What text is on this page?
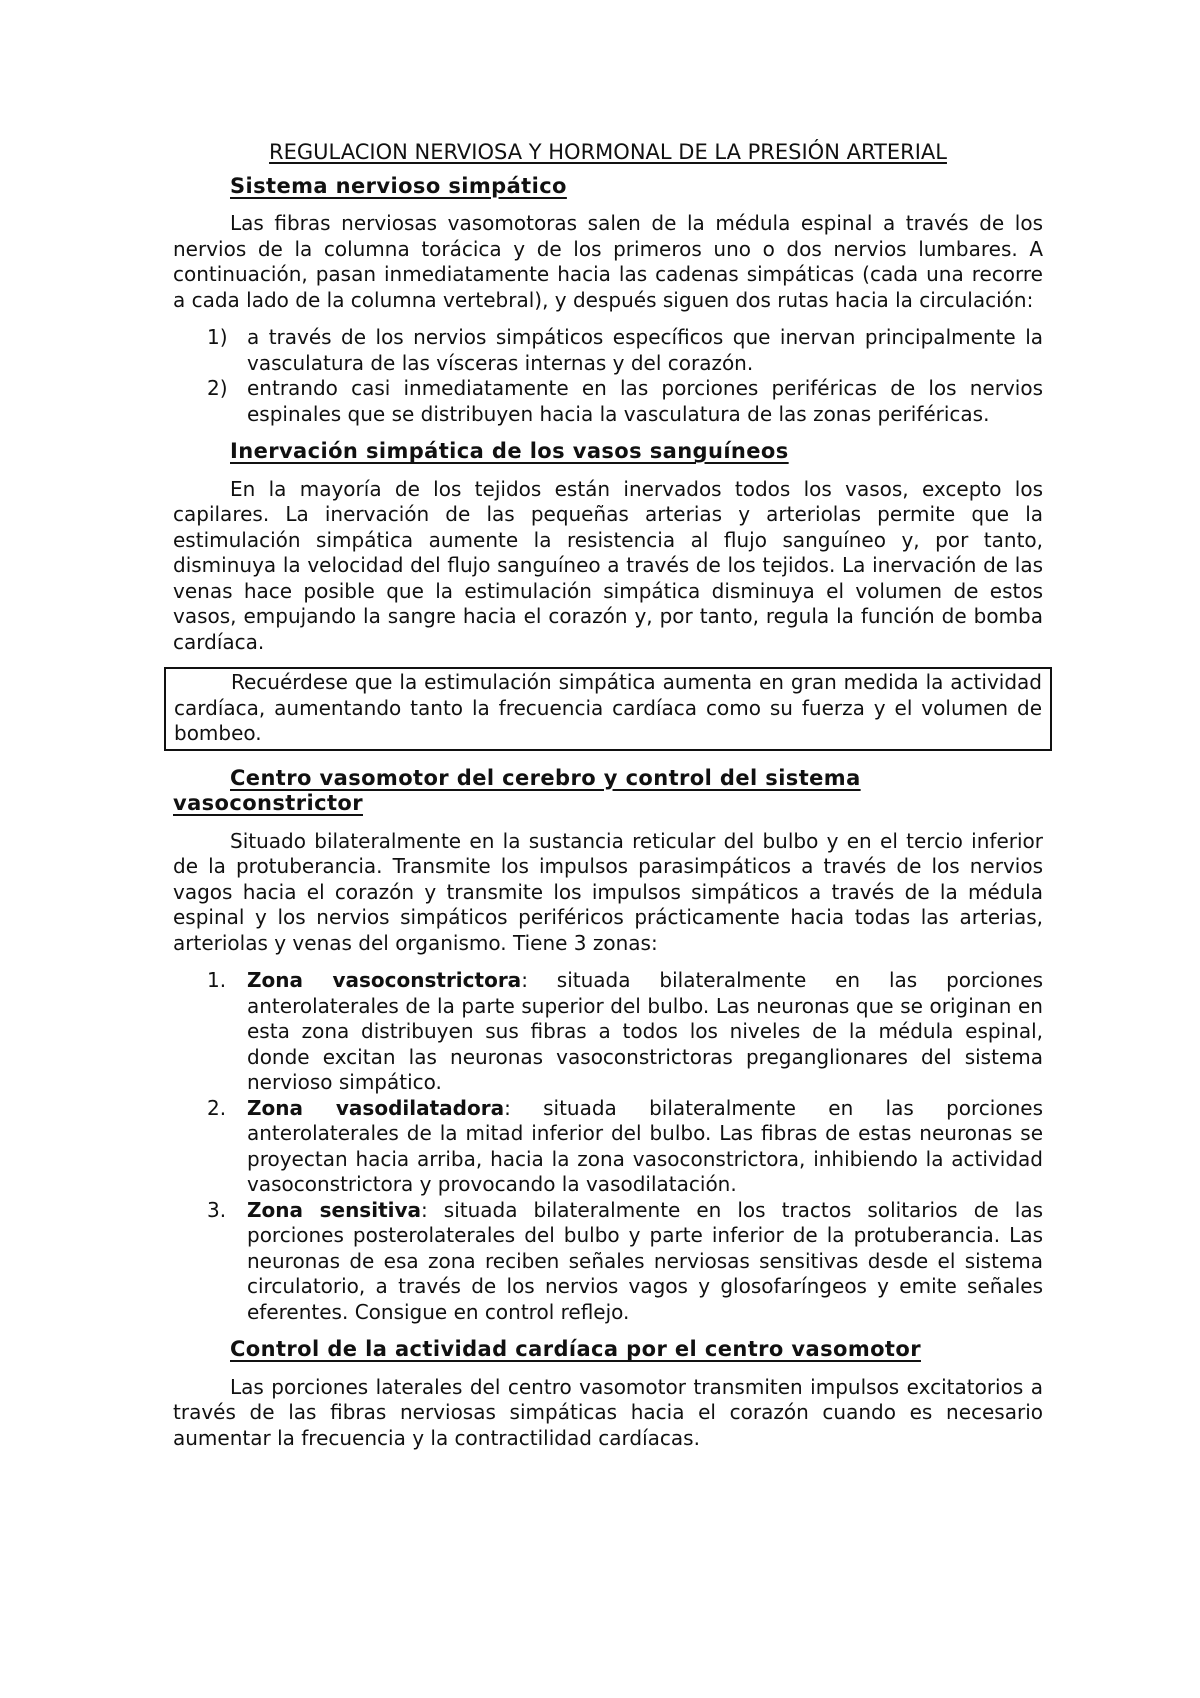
REGULACION NERVIOSA Y HORMONAL DE LA PRESIÓN ARTERIAL
Sistema nervioso simpático

Las fibras nerviosas vasomotoras salen de la médula espinal a través de los nervios de la columna torácica y de los primeros uno o dos nervios lumbares. A continuación, pasan inmediatamente hacia las cadenas simpáticas (cada una recorre a cada lado de la columna vertebral), y después siguen dos rutas hacia la circulación:

1) a través de los nervios simpáticos específicos que inervan principalmente la vasculatura de las vísceras internas y del corazón.
2) entrando casi inmediatamente en las porciones periféricas de los nervios espinales que se distribuyen hacia la vasculatura de las zonas periféricas.
Inervación simpática de los vasos sanguíneos

En la mayoría de los tejidos están inervados todos los vasos, excepto los capilares. La inervación de las pequeñas arterias y arteriolas permite que la estimulación simpática aumente la resistencia al flujo sanguíneo y, por tanto, disminuya la velocidad del flujo sanguíneo a través de los tejidos. La inervación de las venas hace posible que la estimulación simpática disminuya el volumen de estos vasos, empujando la sangre hacia el corazón y, por tanto, regula la función de bomba cardíaca.

Recuérdese que la estimulación simpática aumenta en gran medida la actividad cardíaca, aumentando tanto la frecuencia cardíaca como su fuerza y el volumen de bombeo.

Centro vasomotor del cerebro y control del sistema vasoconstrictor

Situado bilateralmente en la sustancia reticular del bulbo y en el tercio inferior de la protuberancia. Transmite los impulsos parasimpáticos a través de los nervios vagos hacia el corazón y transmite los impulsos simpáticos a través de la médula espinal y los nervios simpáticos periféricos prácticamente hacia todas las arterias, arteriolas y venas del organismo. Tiene 3 zonas:

1. Zona vasoconstrictora: situada bilateralmente en las porciones anterolaterales de la parte superior del bulbo. Las neuronas que se originan en esta zona distribuyen sus fibras a todos los niveles de la médula espinal, donde excitan las neuronas vasoconstrictoras preganglionares del sistema nervioso simpático.
2. Zona vasodilatadora: situada bilateralmente en las porciones anterolaterales de la mitad inferior del bulbo. Las fibras de estas neuronas se proyectan hacia arriba, hacia la zona vasoconstrictora, inhibiendo la actividad vasoconstrictora y provocando la vasodilatación.
3. Zona sensitiva: situada bilateralmente en los tractos solitarios de las porciones posterolaterales del bulbo y parte inferior de la protuberancia. Las neuronas de esa zona reciben señales nerviosas sensitivas desde el sistema circulatorio, a través de los nervios vagos y glosofaríngeos y emite señales eferentes. Consigue en control reflejo.
Control de la actividad cardíaca por el centro vasomotor

Las porciones laterales del centro vasomotor transmiten impulsos excitatorios a través de las fibras nerviosas simpáticas hacia el corazón cuando es necesario aumentar la frecuencia y la contractilidad cardíacas.
